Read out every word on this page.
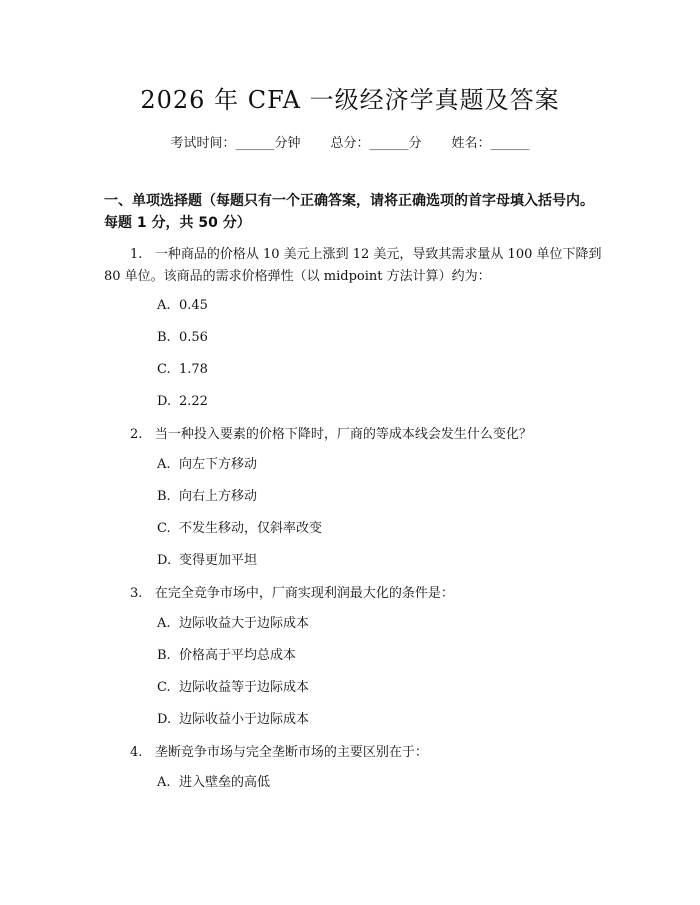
2026 年 CFA 一级经济学真题及答案
考试时间：______分钟 总分：______分 姓名：______
一、单项选择题（每题只有一个正确答案，请将正确选项的首字母填入括号内。
每题 1 分，共 50 分）
1. 一种商品的价格从 10 美元上涨到 12 美元，导致其需求量从 100 单位下降到 80 单位。该商品的需求价格弹性（以 midpoint 方法计算）约为：
A. 0.45
B. 0.56
C. 1.78
D. 2.22
2. 当一种投入要素的价格下降时，厂商的等成本线会发生什么变化？
A. 向左下方移动
B. 向右上方移动
C. 不发生移动，仅斜率改变
D. 变得更加平坦
3. 在完全竞争市场中，厂商实现利润最大化的条件是：
A. 边际收益大于边际成本
B. 价格高于平均总成本
C. 边际收益等于边际成本
D. 边际收益小于边际成本
4. 垄断竞争市场与完全垄断市场的主要区别在于：
A. 进入壁垒的高低
